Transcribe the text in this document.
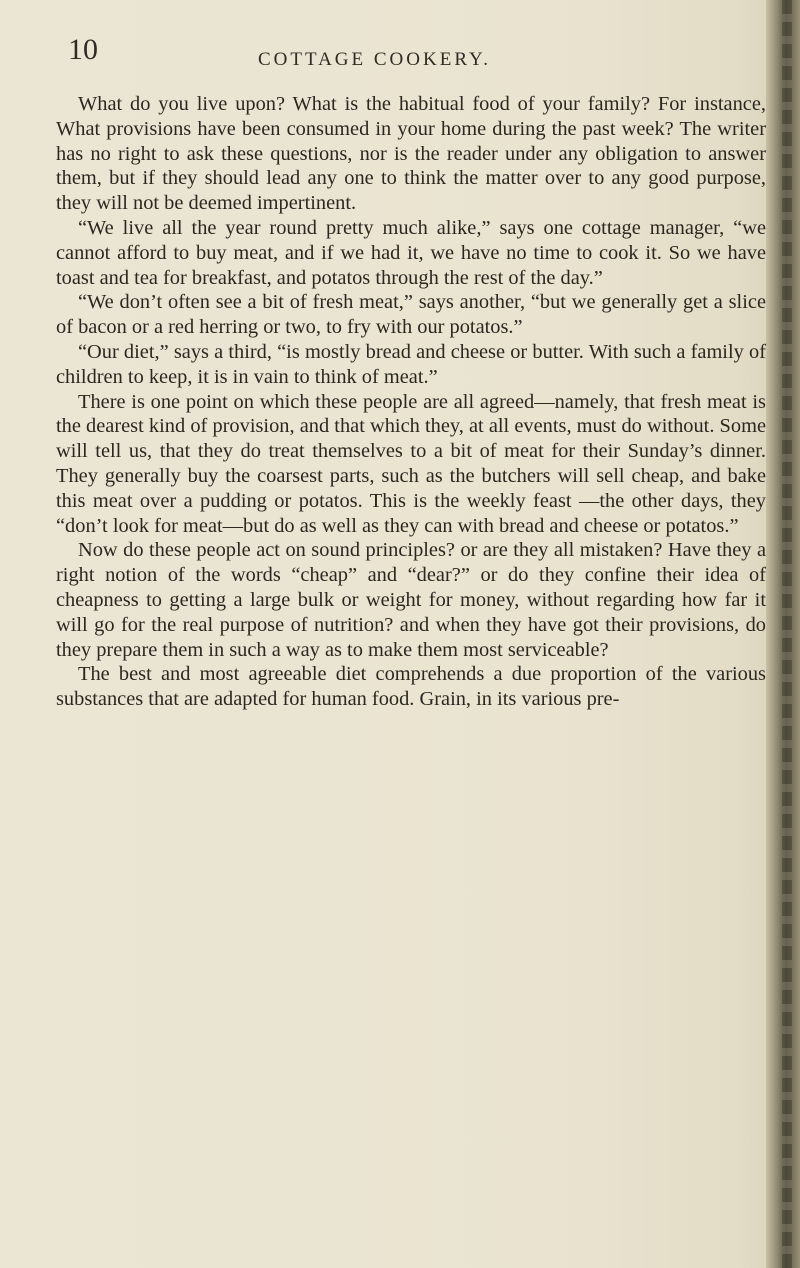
10	COTTAGE COOKERY.

What do you live upon? What is the habitual food of your family? For instance, What provisions have been consumed in your home during the past week? The writer has no right to ask these questions, nor is the reader under any obligation to answer them, but if they should lead any one to think the matter over to any good purpose, they will not be deemed impertinent.

“We live all the year round pretty much alike,” says one cottage manager, “we cannot afford to buy meat, and if we had it, we have no time to cook it. So we have toast and tea for breakfast, and potatos through the rest of the day.”

“We don’t often see a bit of fresh meat,” says another, “but we generally get a slice of bacon or a red herring or two, to fry with our potatos.”

“Our diet,” says a third, “is mostly bread and cheese or butter. With such a family of children to keep, it is in vain to think of meat.”

There is one point on which these people are all agreed—namely, that fresh meat is the dearest kind of provision, and that which they, at all events, must do without. Some will tell us, that they do treat themselves to a bit of meat for their Sunday’s dinner. They generally buy the coarsest parts, such as the butchers will sell cheap, and bake this meat over a pudding or potatos. This is the weekly feast —the other days, they “don’t look for meat—but do as well as they can with bread and cheese or potatos.”

Now do these people act on sound principles? or are they all mistaken? Have they a right notion of the words “cheap” and “dear?” or do they confine their idea of cheapness to getting a large bulk or weight for money, without regarding how far it will go for the real purpose of nutrition? and when they have got their provisions, do they prepare them in such a way as to make them most serviceable?

The best and most agreeable diet comprehends a due proportion of the various substances that are adapted for human food. Grain, in its various pre-
